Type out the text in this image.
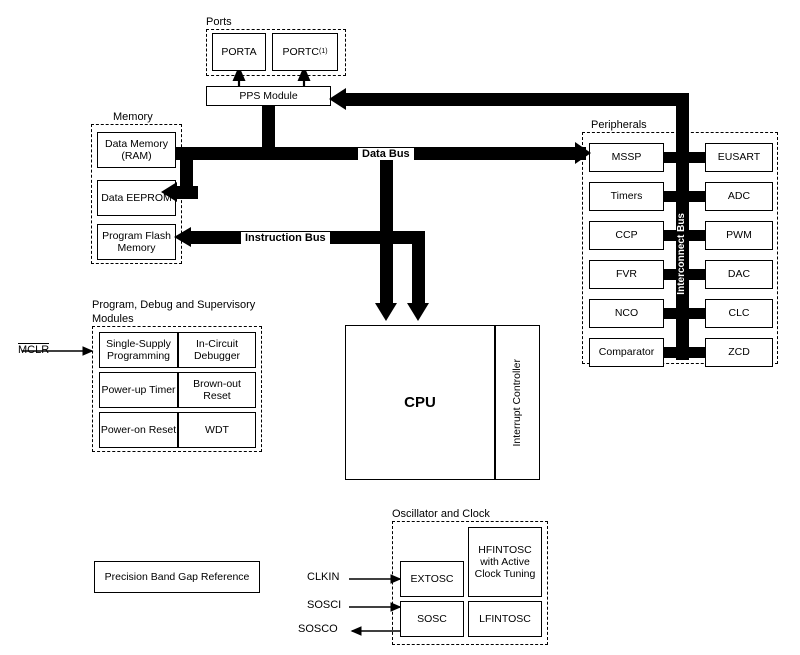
Ports
PORTA	PORTC (1)
PPS Module
Memory
Data Memory (RAM)
Data EEPROM
Program Flash Memory
Peripherals
MSSP
Timers
CCP
FVR
NCO
Comparator
EUSART
ADC
PWM
DAC
CLC
ZCD
CPU	Interrupt Controller
Program, Debug and Supervisory Modules
Single-Supply Programming
In-Circuit Debugger
Power-up Timer
Brown-out Reset
Power-on Reset	WDT
MCLR
Precision Band Gap Reference
Oscillator and Clock
EXTOSC
SOSC
HFINTOSC with Active Clock Tuning
LFINTOSC
CLKIN
SOSCI
SOSCO
Data Bus
Instruction Bus	Interconnect Bus
